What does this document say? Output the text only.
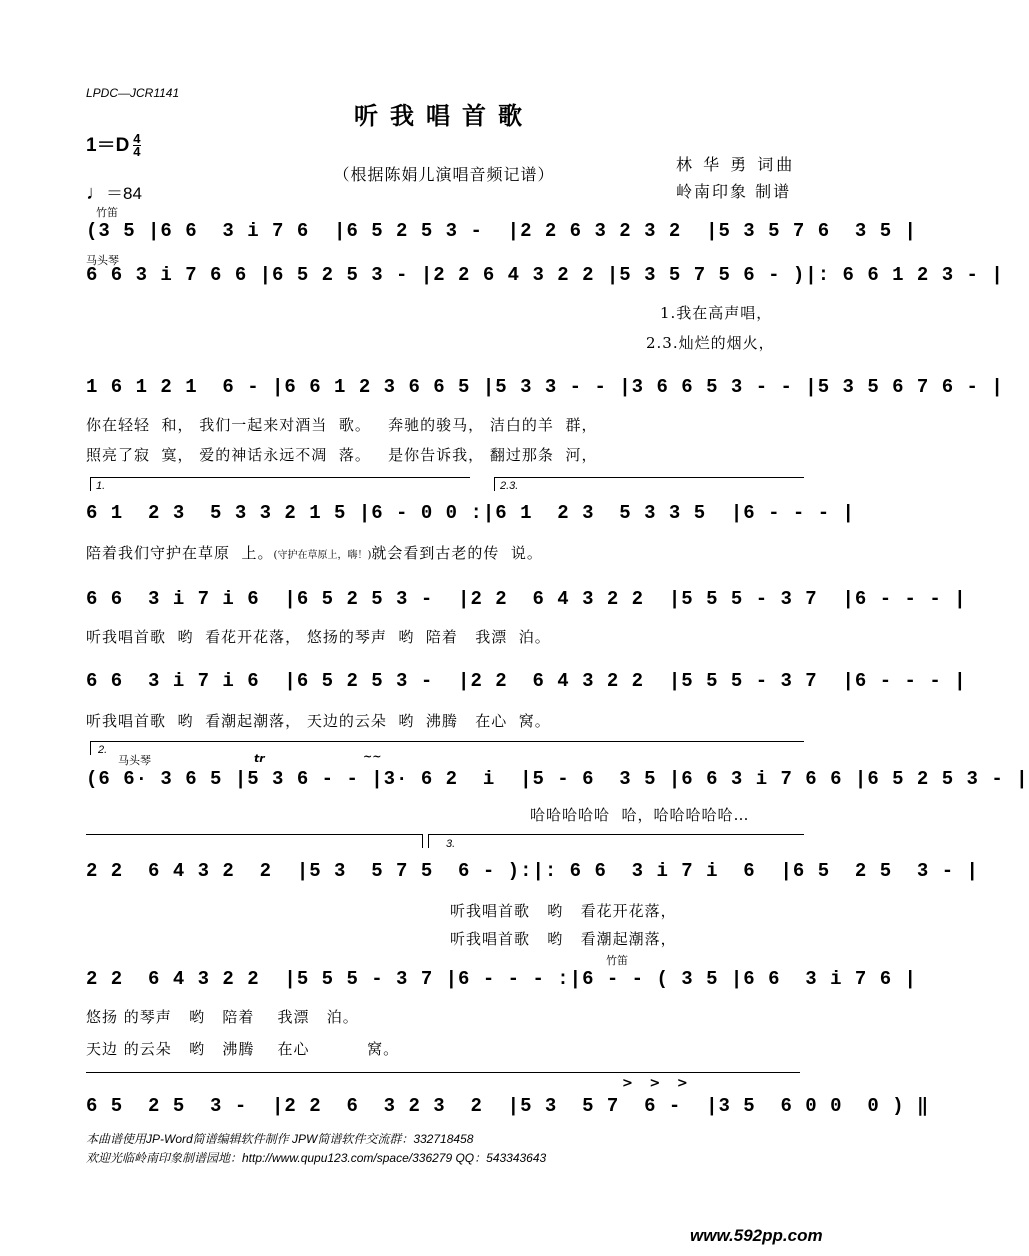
LPDC—JCR1141
听我唱首歌
$1=D \frac{4}{4}$
（根据陈娟儿演唱音频记谱）
林 华 勇 词曲
岭南印象 制谱
♩＝84
竹笛
(3 5 |6 6  3 i 7 6  |6 5 2 5 3 -  |2 2 6 3 2 3 2  |5 3 5 7 6  3 5 |
马头琴
6 6 3 i 7 6 6 |6 5 2 5 3 - |2 2 6 4 3 2 2 |5 3 5 7 5 6 - )|: 6 6 1 2 3 - |
1.我在高声唱，
2.3.灿烂的烟火，
1 6 1 2 1  6 - |6 6 1 2 3 6 6 5 |5 3 3 - - |3 6 6 5 3 - - |5 3 5 6 7 6 - |
你在轻轻  和， 我们一起来对酒当  歌。   奔驰的骏马， 洁白的羊  群，
照亮了寂  寞， 爱的神话永远不凋  落。   是你告诉我， 翻过那条  河，
1.	2.3.
6 1  2 3  5 3 3 2 1 5 |6 - 0 0 :|6 1  2 3  5 3 3 5  |6 - - - |
陪着我们守护在草原  上。(守护在草原上，嗨！)就会看到古老的传  说。
6 6  3 i 7 i 6  |6 5 2 5 3 -  |2 2  6 4 3 2 2  |5 5 5 - 3 7  |6 - - - |
听我唱首歌  哟  看花开花落， 悠扬的琴声  哟  陪着   我漂  泊。
6 6  3 i 7 i 6  |6 5 2 5 3 -  |2 2  6 4 3 2 2  |5 5 5 - 3 7  |6 - - - |
听我唱首歌  哟  看潮起潮落， 天边的云朵  哟  沸腾   在心  窝。
2.
马头琴	tr	~~
(6 6· 3 6 5 |5 3 6 - - |3· 6 2  i  |5 - 6  3 5 |6 6 3 i 7 6 6 |6 5 2 5 3 - |
哈哈哈哈哈  哈，哈哈哈哈哈…
3.
2 2  6 4 3 2  2  |5 3  5 7 5  6 - ):|: 6 6  3 i 7 i  6  |6 5  2 5  3 - |
听我唱首歌   哟   看花开花落，
听我唱首歌   哟   看潮起潮落，
竹笛
2 2  6 4 3 2 2  |5 5 5 - 3 7 |6 - - - :|6 - - ( 3 5 |6 6  3 i 7 6 |
悠扬 的琴声   哟   陪着    我漂   泊。
天边 的云朵   哟   沸腾    在心          窝。
> > >
6 5  2 5  3 -  |2 2  6  3 2 3  2  |5 3  5 7  6 -  |3 5  6 0 0  0 ) ‖
本曲谱使用JP-Word简谱编辑软件制作 JPW简谱软件交流群：332718458
欢迎光临岭南印象制谱园地：http://www.qupu123.com/space/336279 QQ：543343643
www.592pp.com
